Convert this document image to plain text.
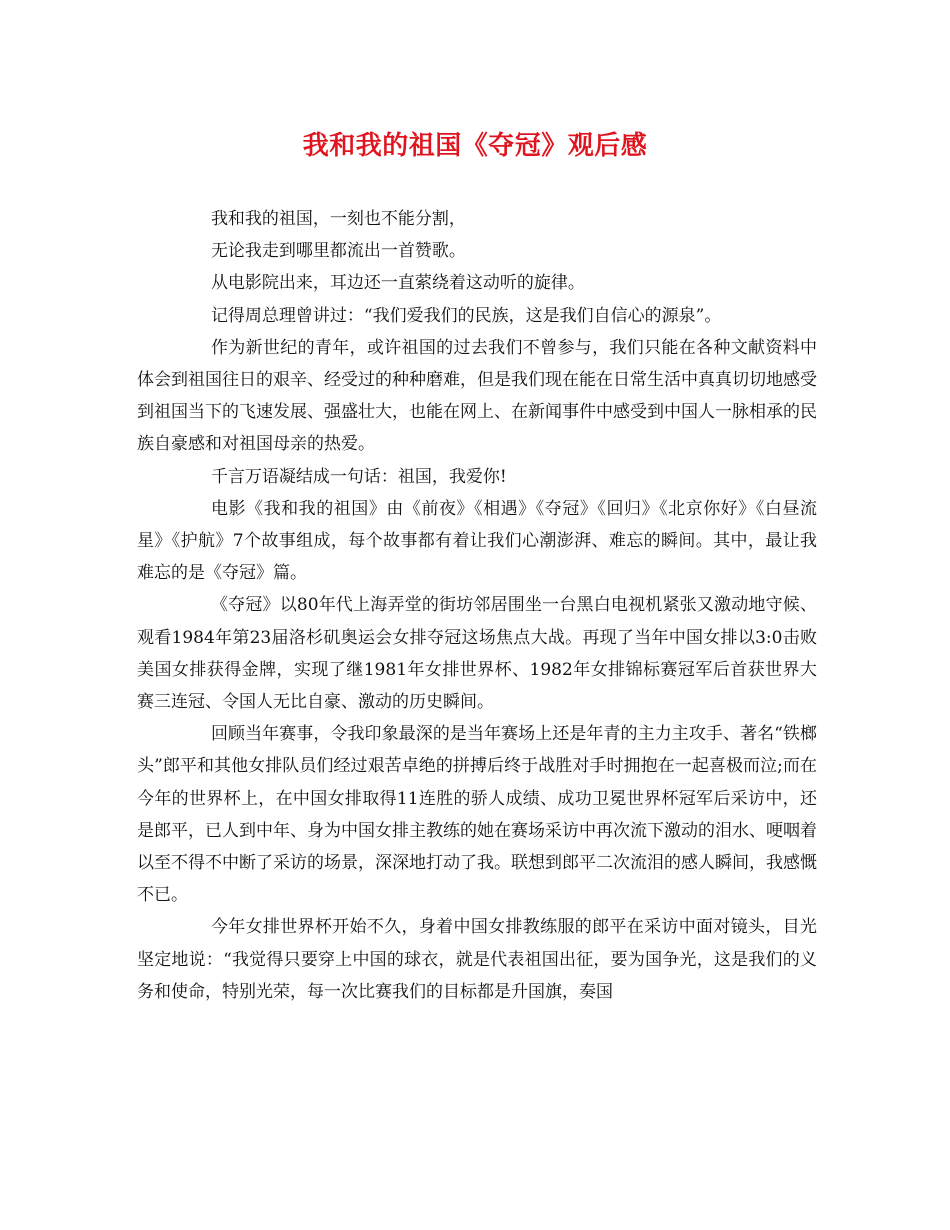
我和我的祖国《夺冠》观后感

我和我的祖国，一刻也不能分割，

无论我走到哪里都流出一首赞歌。

从电影院出来，耳边还一直萦绕着这动听的旋律。

记得周总理曾讲过：“我们爱我们的民族，这是我们自信心的源泉”。

作为新世纪的青年，或许祖国的过去我们不曾参与，我们只能在各种文献资料中体会到祖国往日的艰辛、经受过的种种磨难，但是我们现在能在日常生活中真真切切地感受到祖国当下的飞速发展、强盛壮大，也能在网上、在新闻事件中感受到中国人一脉相承的民族自豪感和对祖国母亲的热爱。

千言万语凝结成一句话：祖国，我爱你!

电影《我和我的祖国》由《前夜》《相遇》《夺冠》《回归》《北京你好》《白昼流星》《护航》7个故事组成，每个故事都有着让我们心潮澎湃、难忘的瞬间。其中，最让我难忘的是《夺冠》篇。

《夺冠》以80年代上海弄堂的街坊邻居围坐一台黑白电视机紧张又激动地守候、观看1984年第23届洛杉矶奥运会女排夺冠这场焦点大战。再现了当年中国女排以3:0击败美国女排获得金牌，实现了继1981年女排世界杯、1982年女排锦标赛冠军后首获世界大赛三连冠、令国人无比自豪、激动的历史瞬间。

回顾当年赛事，令我印象最深的是当年赛场上还是年青的主力主攻手、著名“铁榔头”郎平和其他女排队员们经过艰苦卓绝的拼搏后终于战胜对手时拥抱在一起喜极而泣;而在今年的世界杯上，在中国女排取得11连胜的骄人成绩、成功卫冕世界杯冠军后采访中，还是郎平，已人到中年、身为中国女排主教练的她在赛场采访中再次流下激动的泪水、哽咽着以至不得不中断了采访的场景，深深地打动了我。联想到郎平二次流泪的感人瞬间，我感慨不已。

今年女排世界杯开始不久，身着中国女排教练服的郎平在采访中面对镜头，目光坚定地说：“我觉得只要穿上中国的球衣，就是代表祖国出征，要为国争光，这是我们的义务和使命，特别光荣，每一次比赛我们的目标都是升国旗，奏国
